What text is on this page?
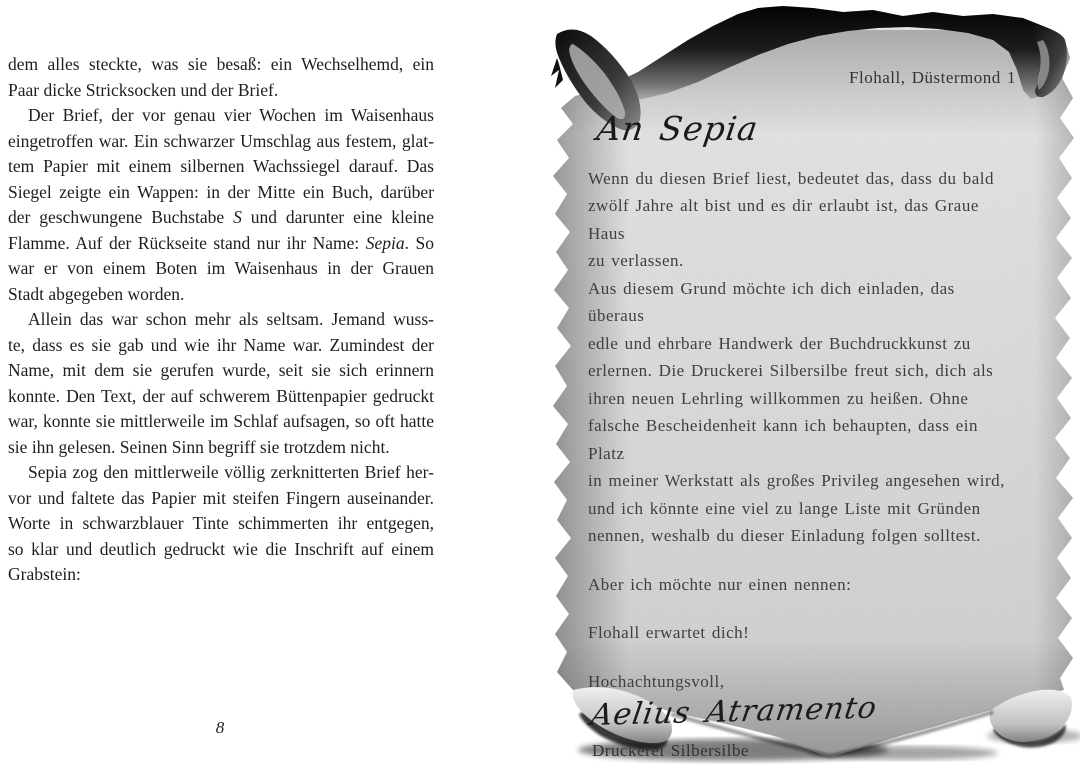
dem alles steckte, was sie besaß: ein Wechselhemd, ein
Paar dicke Stricksocken und der Brief.
Der Brief, der vor genau vier Wochen im Waisenhaus
eingetroffen war. Ein schwarzer Umschlag aus festem, glat-
tem Papier mit einem silbernen Wachssiegel darauf. Das
Siegel zeigte ein Wappen: in der Mitte ein Buch, darüber
der geschwungene Buchstabe S und darunter eine kleine
Flamme. Auf der Rückseite stand nur ihr Name: Sepia. So
war er von einem Boten im Waisenhaus in der Grauen
Stadt abgegeben worden.
Allein das war schon mehr als seltsam. Jemand wuss-
te, dass es sie gab und wie ihr Name war. Zumindest der
Name, mit dem sie gerufen wurde, seit sie sich erinnern
konnte. Den Text, der auf schwerem Büttenpapier gedruckt
war, konnte sie mittlerweile im Schlaf aufsagen, so oft hatte
sie ihn gelesen. Seinen Sinn begriff sie trotzdem nicht.
Sepia zog den mittlerweile völlig zerknitterten Brief her-
vor und faltete das Papier mit steifen Fingern auseinander.
Worte in schwarzblauer Tinte schimmerten ihr entgegen,
so klar und deutlich gedruckt wie die Inschrift auf einem
Grabstein:
8
Flohall, Düstermond 1
An Sepia
Wenn du diesen Brief liest, bedeutet das, dass du bald
zwölf Jahre alt bist und es dir erlaubt ist, das Graue Haus
zu verlassen.
Aus diesem Grund möchte ich dich einladen, das überaus
edle und ehrbare Handwerk der Buchdruckkunst zu
erlernen. Die Druckerei Silbersilbe freut sich, dich als
ihren neuen Lehrling willkommen zu heißen. Ohne
falsche Bescheidenheit kann ich behaupten, dass ein Platz
in meiner Werkstatt als großes Privileg angesehen wird,
und ich könnte eine viel zu lange Liste mit Gründen
nennen, weshalb du dieser Einladung folgen solltest.
Aber ich möchte nur einen nennen:
Flohall erwartet dich!
Hochachtungsvoll,
Aelius Atramento
Druckerei Silbersilbe
